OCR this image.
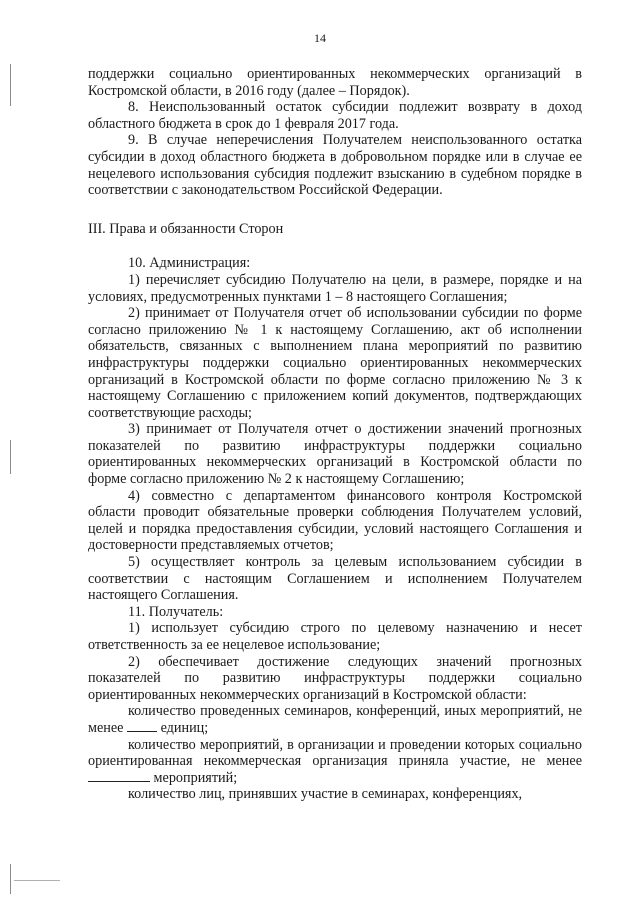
14

поддержки социально ориентированных некоммерческих организаций в Костромской области, в 2016 году (далее – Порядок).

8. Неиспользованный остаток субсидии подлежит возврату в доход областного бюджета в срок до 1 февраля 2017 года.

9. В случае неперечисления Получателем неиспользованного остатка субсидии в доход областного бюджета в добровольном порядке или в случае ее нецелевого использования субсидия подлежит взысканию в судебном порядке в соответствии с законодательством Российской Федерации.

III. Права и обязанности Сторон

10. Администрация:

1) перечисляет субсидию Получателю на цели, в размере, порядке и на условиях, предусмотренных пунктами 1 – 8 настоящего Соглашения;

2) принимает от Получателя отчет об использовании субсидии по форме согласно приложению № 1 к настоящему Соглашению, акт об исполнении обязательств, связанных с выполнением плана мероприятий по развитию инфраструктуры поддержки социально ориентированных некоммерческих организаций в Костромской области по форме согласно приложению № 3 к настоящему Соглашению с приложением копий документов, подтверждающих соответствующие расходы;

3) принимает от Получателя отчет о достижении значений прогнозных показателей по развитию инфраструктуры поддержки социально ориентированных некоммерческих организаций в Костромской области по форме согласно приложению № 2 к настоящему Соглашению;

4) совместно с департаментом финансового контроля Костромской области проводит обязательные проверки соблюдения Получателем условий, целей и порядка предоставления субсидии, условий настоящего Соглашения и достоверности представляемых отчетов;

5) осуществляет контроль за целевым использованием субсидии в соответствии с настоящим Соглашением и исполнением Получателем настоящего Соглашения.

11. Получатель:

1) использует субсидию строго по целевому назначению и несет ответственность за ее нецелевое использование;

2) обеспечивает достижение следующих значений прогнозных показателей по развитию инфраструктуры поддержки социально ориентированных некоммерческих организаций в Костромской области:

количество проведенных семинаров, конференций, иных мероприятий, не менее	единиц;

количество мероприятий, в организации и проведении которых социально ориентированная некоммерческая организация приняла участие, не менее  мероприятий;

количество лиц, принявших участие в семинарах, конференциях,
